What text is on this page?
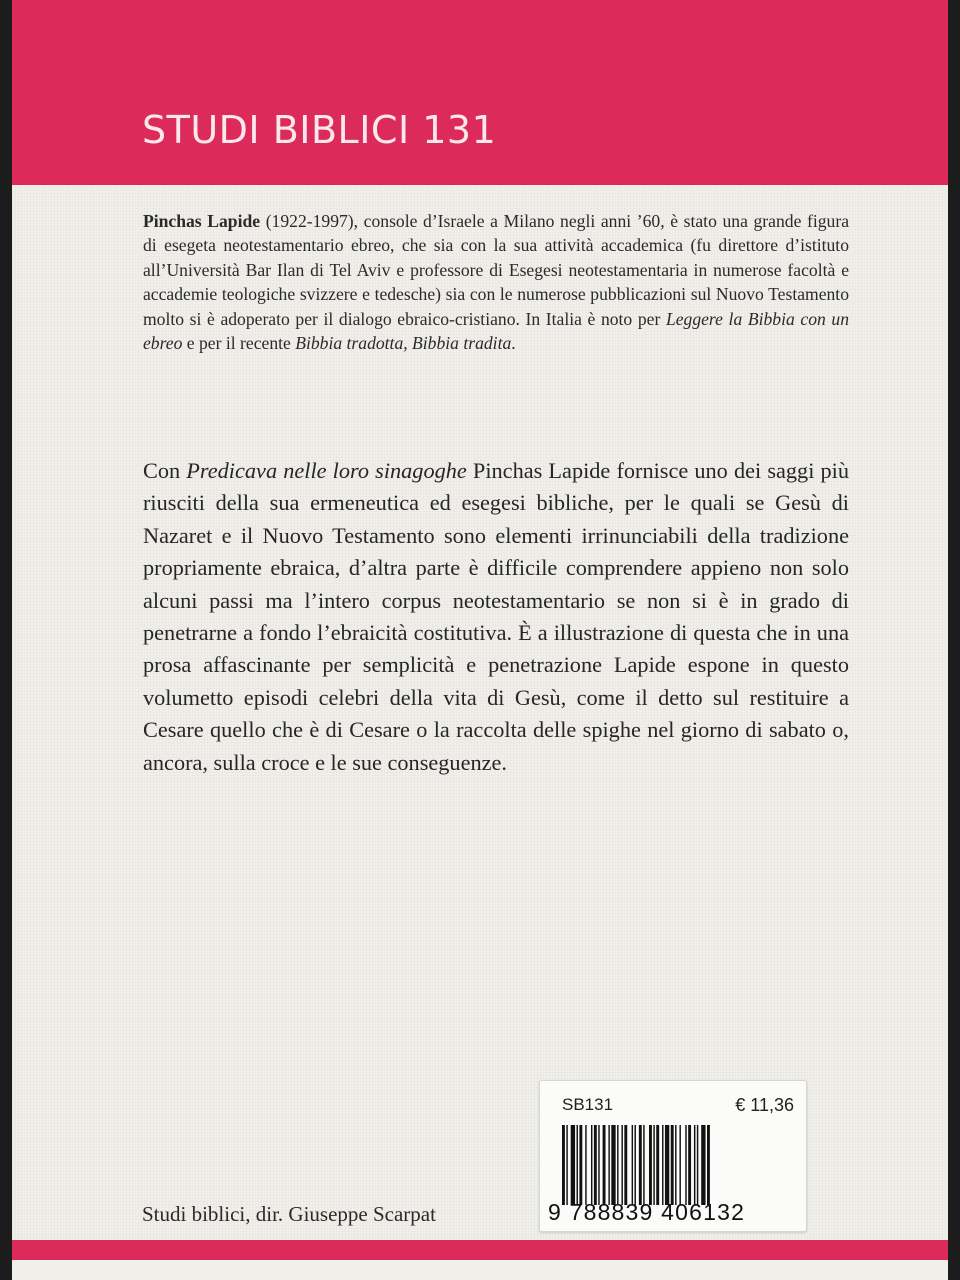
STUDI BIBLICI 131

Pinchas Lapide (1922-1997), console d’Israele a Milano negli anni ’60, è stato una grande figura di esegeta neotestamentario ebreo, che sia con la sua attività accademica (fu direttore d’istituto all’Università Bar Ilan di Tel Aviv e professore di Esegesi neotestamentaria in numerose facoltà e accademie teologiche svizzere e tedesche) sia con le numerose pubblicazioni sul Nuovo Testamento molto si è adoperato per il dialogo ebraico-cristiano. In Italia è noto per Leggere la Bibbia con un ebreo e per il recente Bibbia tradotta, Bibbia tradita.

Con Predicava nelle loro sinagoghe Pinchas Lapide fornisce uno dei saggi più riusciti della sua ermeneutica ed esegesi bibliche, per le quali se Gesù di Nazaret e il Nuovo Testamento sono elementi irrinunciabili della tradizione propriamente ebraica, d’altra parte è difficile comprendere appieno non solo alcuni passi ma l’intero corpus neotestamentario se non si è in grado di penetrarne a fondo l’ebraicità costitutiva. È a illustrazione di questa che in una prosa affascinante per semplicità e penetrazione Lapide espone in questo volumetto episodi celebri della vita di Gesù, come il detto sul restituire a Cesare quello che è di Cesare o la raccolta delle spighe nel giorno di sabato o, ancora, sulla croce e le sue conseguenze.

SB131	€ 11,36
9 788839 406132
Studi biblici, dir. Giuseppe Scarpat
